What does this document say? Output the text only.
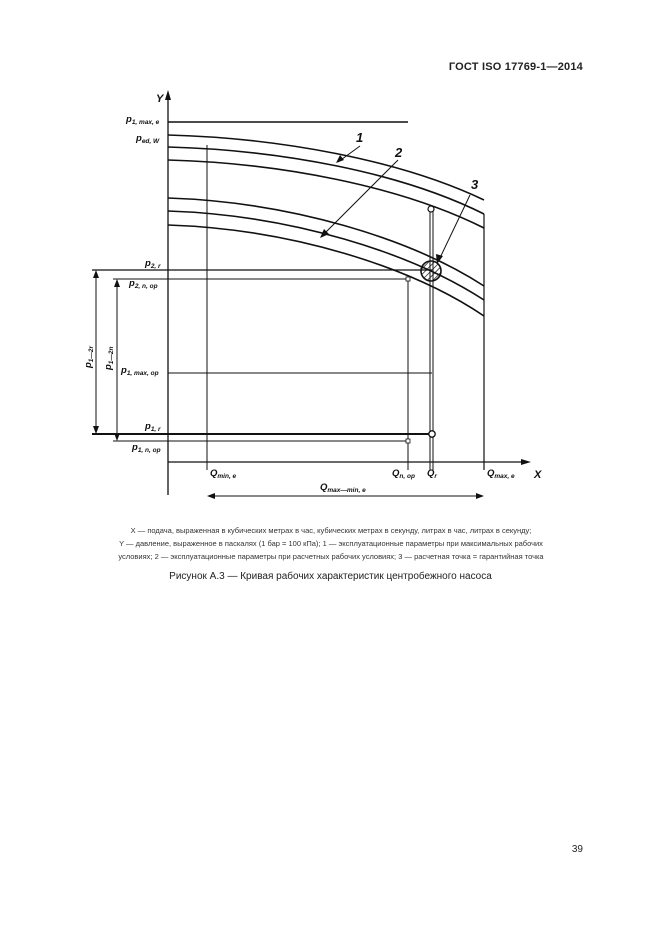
ГОСТ ISO 17769-1—2014
Y
X
1
2
3
$p_{1, max, e}$
$p_{ed, W}$
$p_{2, r}$
$p_{2, n, op}$
$p_{1, max, op}$
$p_{1, r}$
$p_{1, n, op}$
$p_{1—2r}$
$p_{1—2n}$
$Q_{min, e}$	$Q_{n, op}$ $Q_r$	$Q_{max, e}$
$Q_{max—min, e}$
X — подача, выраженная в кубических метрах в час, кубических метрах в секунду, литрах в час, литрах в секунду;
Y — давление, выраженное в паскалях (1 бар = 100 кПа); 1 — эксплуатационные параметры при максимальных рабочих
условиях; 2 — эксплуатационные параметры при расчетных рабочих условиях; 3 — расчетная точка = гарантийная точка
Рисунок А.3 — Кривая рабочих характеристик центробежного насоса
39
